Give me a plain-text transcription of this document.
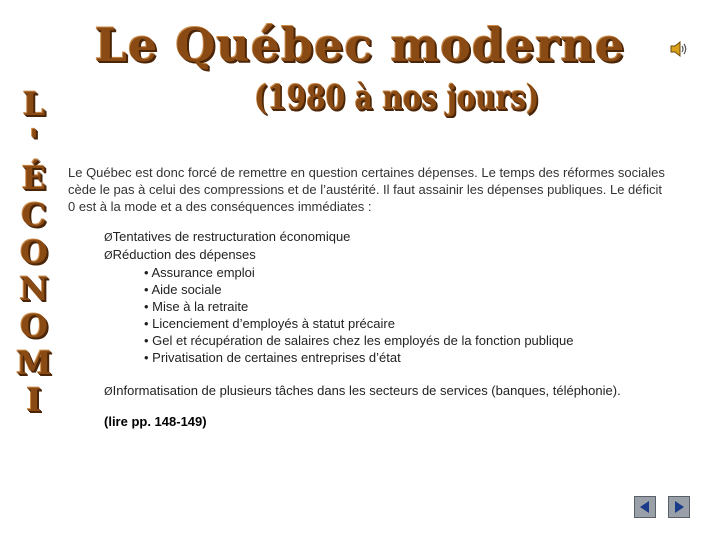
Le Québec moderne
(1980 à nos jours)
L
'
É
C
O
N
O
M
I

Le Québec est donc forcé de remettre en question certaines dépenses. Le temps des réformes sociales cède le pas à celui des compressions et de l’austérité. Il faut assainir les dépenses publiques. Le déficit 0 est à la mode et a des conséquences immédiates :

ØTentatives de restructuration économique

ØRéduction des dépenses

• Assurance emploi

• Aide sociale

• Mise à la retraite

• Licenciement d’employés à statut précaire

• Gel et récupération de salaires chez les employés de la fonction publique

• Privatisation de certaines entreprises d’état

ØInformatisation de plusieurs tâches dans les secteurs de services (banques, téléphonie).

(lire pp. 148-149)
